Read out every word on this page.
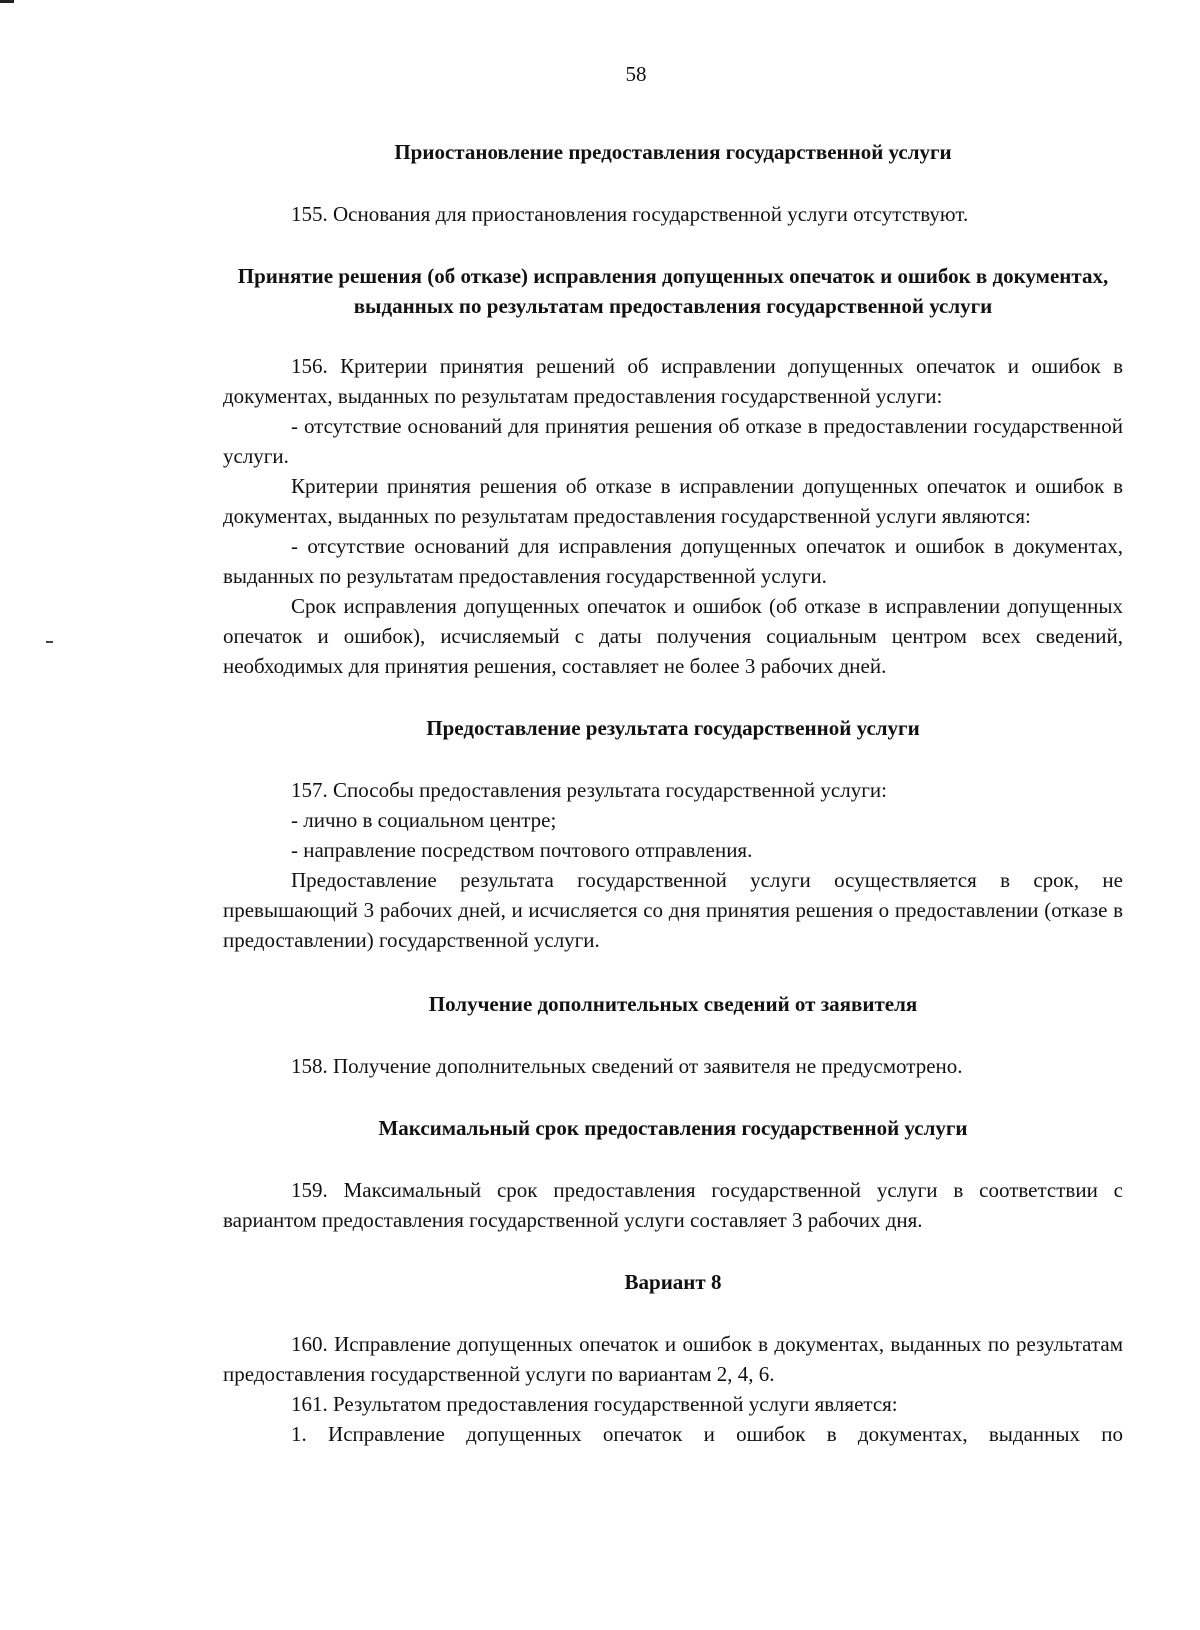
58
Приостановление предоставления государственной услуги

155. Основания для приостановления государственной услуги отсутствуют.

Принятие решения (об отказе) исправления допущенных опечаток и ошибок в документах, выданных по результатам предоставления государственной услуги

156. Критерии принятия решений об исправлении допущенных опечаток и ошибок в документах, выданных по результатам предоставления государственной услуги:

- отсутствие оснований для принятия решения об отказе в предоставлении государственной услуги.

Критерии принятия решения об отказе в исправлении допущенных опечаток и ошибок в документах, выданных по результатам предоставления государственной услуги являются:

- отсутствие оснований для исправления допущенных опечаток и ошибок в документах, выданных по результатам предоставления государственной услуги.

Срок исправления допущенных опечаток и ошибок (об отказе в исправлении допущенных опечаток и ошибок), исчисляемый с даты получения социальным центром всех сведений, необходимых для принятия решения, составляет не более 3 рабочих дней.

Предоставление результата государственной услуги

157. Способы предоставления результата государственной услуги:

- лично в социальном центре;

- направление посредством почтового отправления.

Предоставление результата государственной услуги осуществляется в срок, не превышающий 3 рабочих дней, и исчисляется со дня принятия решения о предоставлении (отказе в предоставлении) государственной услуги.

Получение дополнительных сведений от заявителя

158. Получение дополнительных сведений от заявителя не предусмотрено.

Максимальный срок предоставления государственной услуги

159. Максимальный срок предоставления государственной услуги в соответствии с вариантом предоставления государственной услуги составляет 3 рабочих дня.

Вариант 8

160. Исправление допущенных опечаток и ошибок в документах, выданных по результатам предоставления государственной услуги по вариантам 2, 4, 6.

161. Результатом предоставления государственной услуги является:

1. Исправление допущенных опечаток и ошибок в документах, выданных по
